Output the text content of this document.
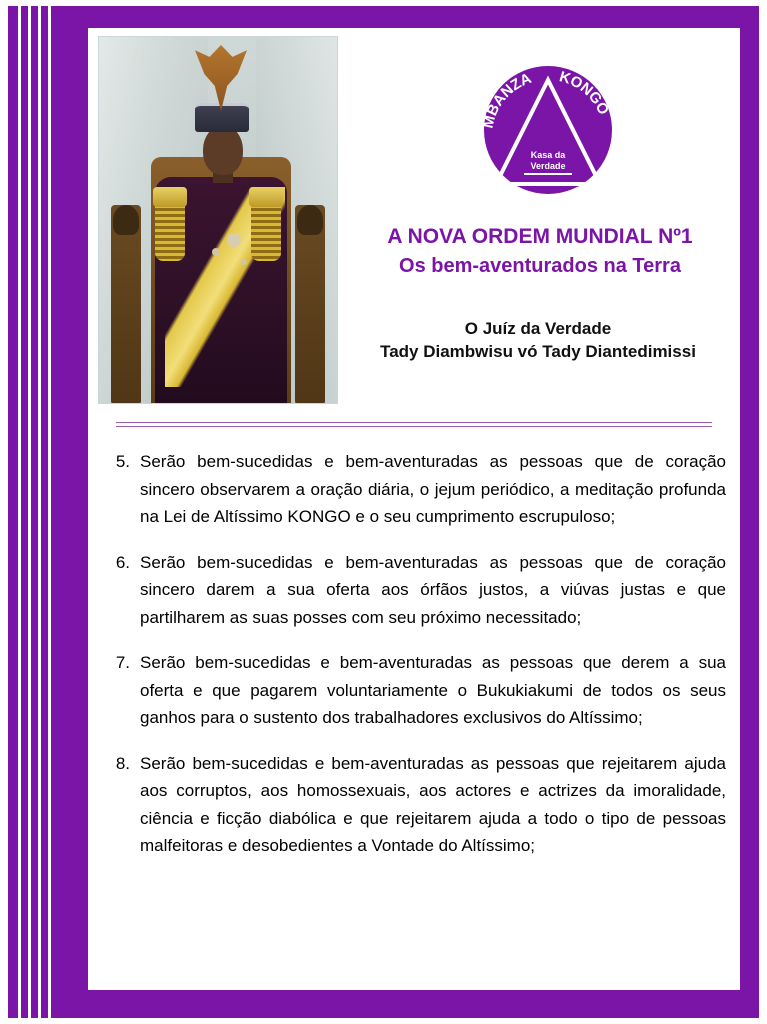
MBANZA KONGO
Kasa da
Verdade

A NOVA ORDEM MUNDIAL Nº1

Os bem-aventurados na Terra

O Juíz da Verdade

Tady Diambwisu vó Tady Diantedimissi

5. Serão bem-sucedidas e bem-aventuradas as pessoas que de coração sincero observarem a oração diária, o jejum periódico, a meditação profunda na Lei de Altíssimo KONGO e o seu cumprimento escrupuloso;
6. Serão bem-sucedidas e bem-aventuradas as pessoas que de coração sincero darem a sua oferta aos órfãos justos, a viúvas justas e que partilharem as suas posses com seu próximo necessitado;
7. Serão bem-sucedidas e bem-aventuradas as pessoas que derem a sua oferta e que pagarem voluntariamente o Bukukiakumi de todos os seus ganhos para o sustento dos trabalhadores exclusivos do Altíssimo;
8. Serão bem-sucedidas e bem-aventuradas as pessoas que rejeitarem ajuda aos corruptos, aos homossexuais, aos actores e actrizes da imoralidade, ciência e ficção diabólica e que rejeitarem ajuda a todo o tipo de pessoas malfeitoras e desobedientes a Vontade do Altíssimo;
